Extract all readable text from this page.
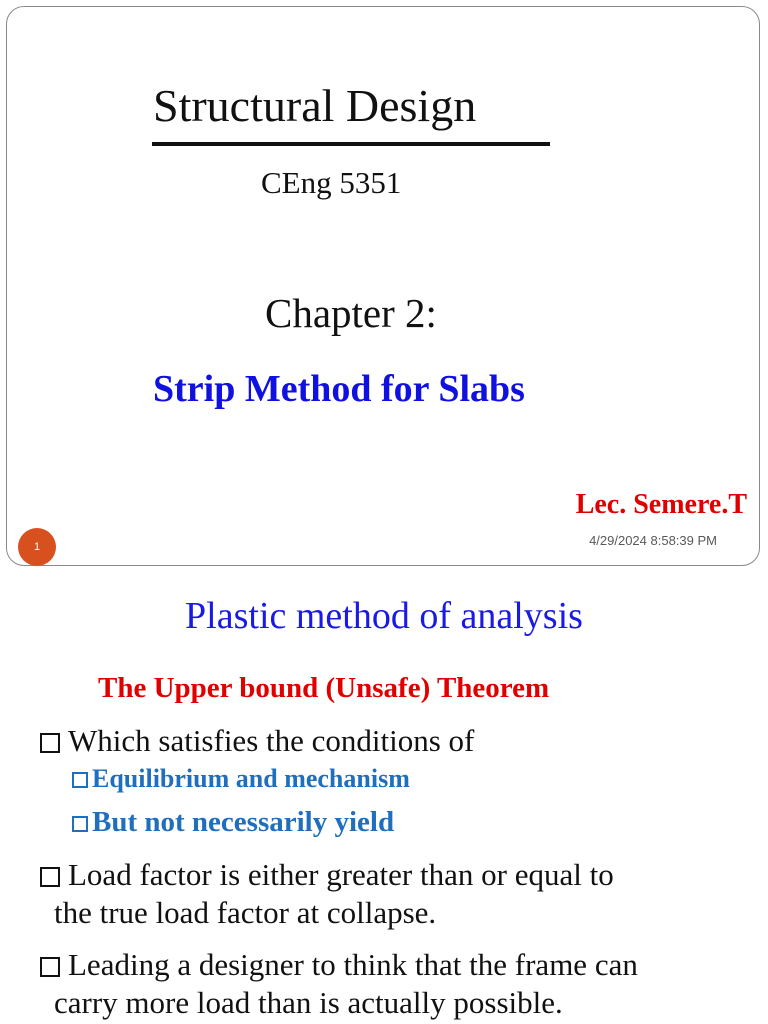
Structural Design
CEng 5351
Chapter 2:
Strip Method for Slabs
Lec. Semere.T
1	4/29/2024 8:58:39 PM
Plastic method of analysis
The Upper bound (Unsafe) Theorem
Which satisfies the conditions of
Equilibrium and mechanism
But not necessarily yield
Load factor is either greater than or equal to
the true load factor at collapse.
Leading a designer to think that the frame can
carry more load than is actually possible.
